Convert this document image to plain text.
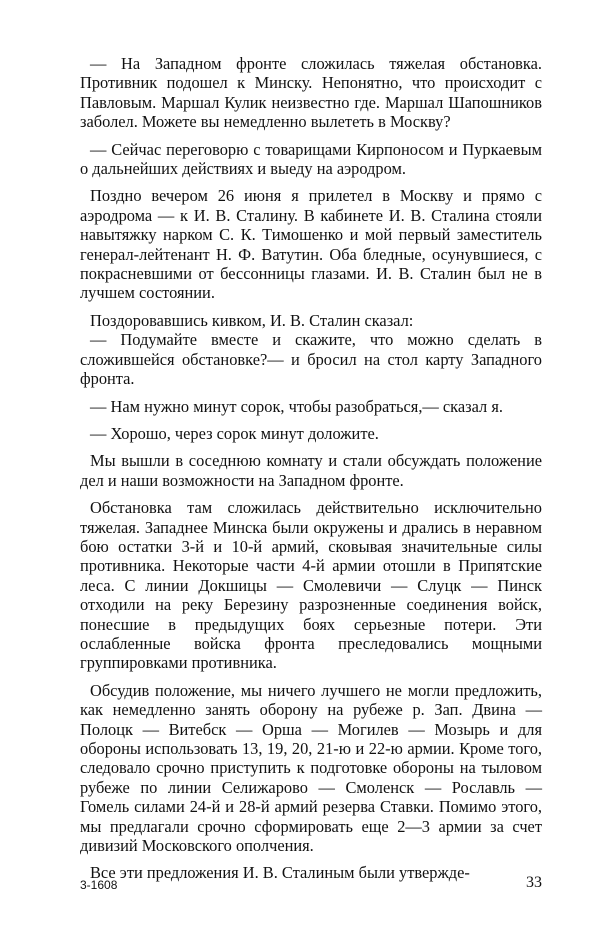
— На Западном фронте сложилась тяжелая обстановка. Противник подошел к Минску. Непонятно, что происходит с Павловым. Маршал Кулик неизвестно где. Маршал Шапошников заболел. Можете вы немедленно вылететь в Москву?

— Сейчас переговорю с товарищами Кирпоносом и Пуркаевым о дальнейших действиях и выеду на аэродром.

Поздно вечером 26 июня я прилетел в Москву и прямо с аэродрома — к И. В. Сталину. В кабинете И. В. Сталина стояли навытяжку нарком С. К. Тимошенко и мой первый заместитель генерал-лейтенант Н. Ф. Ватутин. Оба бледные, осунувшиеся, с покрасневшими от бессонницы глазами. И. В. Сталин был не в лучшем состоянии.

Поздоровавшись кивком, И. В. Сталин сказал:

— Подумайте вместе и скажите, что можно сделать в сложившейся обстановке?— и бросил на стол карту Западного фронта.

— Нам нужно минут сорок, чтобы разобраться,— сказал я.

— Хорошо, через сорок минут доложите.

Мы вышли в соседнюю комнату и стали обсуждать положение дел и наши возможности на Западном фронте.

Обстановка там сложилась действительно исключительно тяжелая. Западнее Минска были окружены и дрались в неравном бою остатки 3-й и 10-й армий, сковывая значительные силы противника. Некоторые части 4-й армии отошли в Припятские леса. С линии Докшицы — Смолевичи — Слуцк — Пинск отходили на реку Березину разрозненные соединения войск, понесшие в предыдущих боях серьезные потери. Эти ослабленные войска фронта преследовались мощными группировками противника.

Обсудив положение, мы ничего лучшего не могли предложить, как немедленно занять оборону на рубеже р. Зап. Двина — Полоцк — Витебск — Орша — Могилев — Мозырь и для обороны использовать 13, 19, 20, 21-ю и 22-ю армии. Кроме того, следовало срочно приступить к подготовке обороны на тыловом рубеже по линии Селижарово — Смоленск — Рославль — Гомель силами 24-й и 28-й армий резерва Ставки. Помимо этого, мы предлагали срочно сформировать еще 2—3 армии за счет дивизий Московского ополчения.

Все эти предложения И. В. Сталиным были утвержде-

3-1608	33
